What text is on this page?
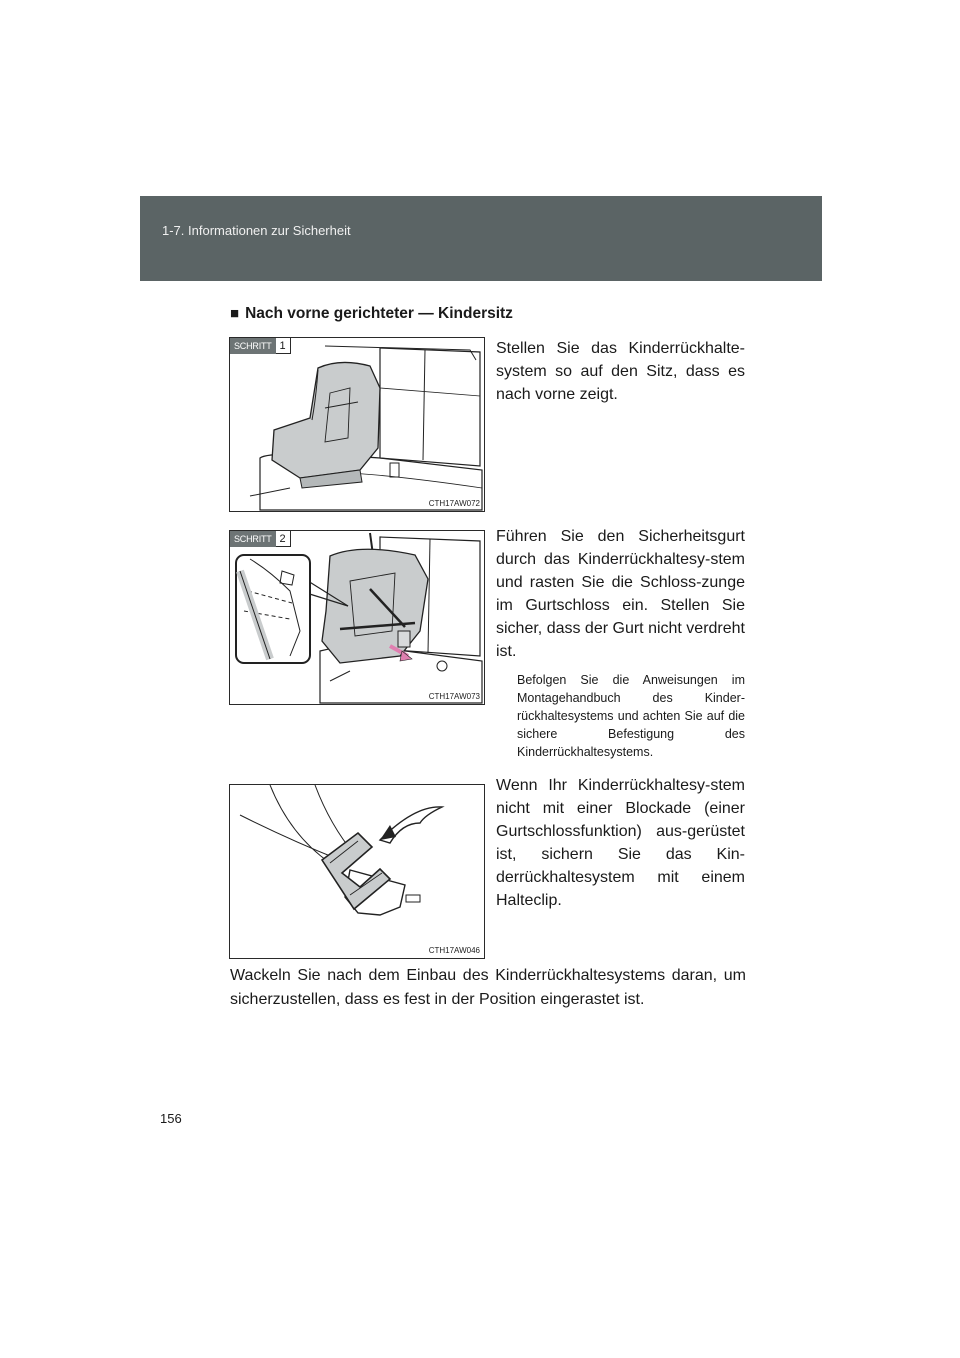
1-7. Informationen zur Sicherheit
■ Nach vorne gerichteter — Kindersitz
SCHRITT 1
CTH17AW072
Stellen Sie das Kinderrückhalte-system so auf den Sitz, dass es nach vorne zeigt.
SCHRITT 2
CTH17AW073
Führen Sie den Sicherheitsgurt durch das Kinderrückhaltesy-stem und rasten Sie die Schloss-zunge im Gurtschloss ein. Stellen Sie sicher, dass der Gurt nicht verdreht ist.
Befolgen Sie die Anweisungen im Montagehandbuch des Kinder-rückhaltesystems und achten Sie auf die sichere Befestigung des Kinderrückhaltesystems.
CTH17AW046
Wenn Ihr Kinderrückhaltesy-stem nicht mit einer Blockade (einer Gurtschlossfunktion) aus-gerüstet ist, sichern Sie das Kin-derrückhaltesystem mit einem Halteclip.
Wackeln Sie nach dem Einbau des Kinderrückhaltesystems daran, um sicherzustellen, dass es fest in der Position eingerastet ist.
156
